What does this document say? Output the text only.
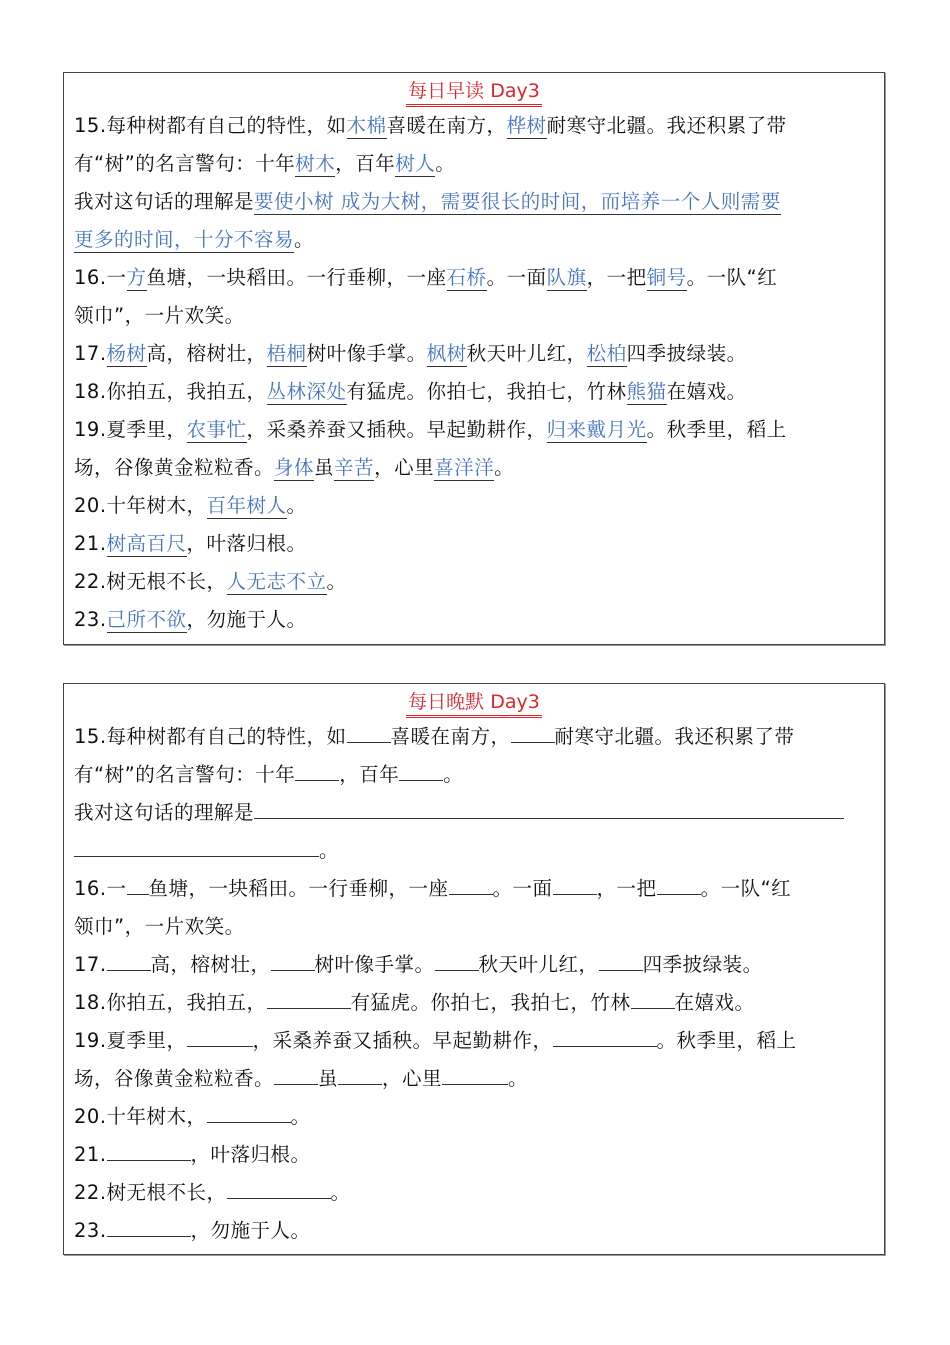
每日早读 Day3
15.每种树都有自己的特性，如木棉喜暖在南方，桦树耐寒守北疆。我还积累了带
有“树”的名言警句：十年树木，百年树人。
我对这句话的理解是要使小树 成为大树，需要很长的时间，而培养一个人则需要
更多的时间，十分不容易。
16.一方鱼塘，一块稻田。一行垂柳，一座石桥。一面队旗，一把铜号。一队“红
领巾”，一片欢笑。
17.杨树高，榕树壮，梧桐树叶像手掌。枫树秋天叶儿红，松柏四季披绿装。
18.你拍五，我拍五，丛林深处有猛虎。你拍七，我拍七，竹林熊猫在嬉戏。
19.夏季里，农事忙，采桑养蚕又插秧。早起勤耕作，归来戴月光。秋季里，稻上
场，谷像黄金粒粒香。身体虽辛苦，心里喜洋洋。
20.十年树木，百年树人。
21.树高百尺，叶落归根。
22.树无根不长，人无志不立。
23.己所不欲，勿施于人。
每日晚默 Day3
15.每种树都有自己的特性，如 喜暖在南方， 耐寒守北疆。我还积累了带
有“树”的名言警句：十年 ，百年 。
我对这句话的理解是
。
16.一 鱼塘，一块稻田。一行垂柳，一座 。一面 ，一把 。一队“红
领巾”，一片欢笑。
17. 高，榕树壮， 树叶像手掌。 秋天叶儿红， 四季披绿装。
18.你拍五，我拍五，	有猛虎。你拍七，我拍七，竹林 在嬉戏。
19.夏季里，	，采桑养蚕又插秧。早起勤耕作，	。秋季里，稻上
场，谷像黄金粒粒香。 虽 ，心里	。
20.十年树木，	。
21.	，叶落归根。
22.树无根不长，	。
23.	，勿施于人。
